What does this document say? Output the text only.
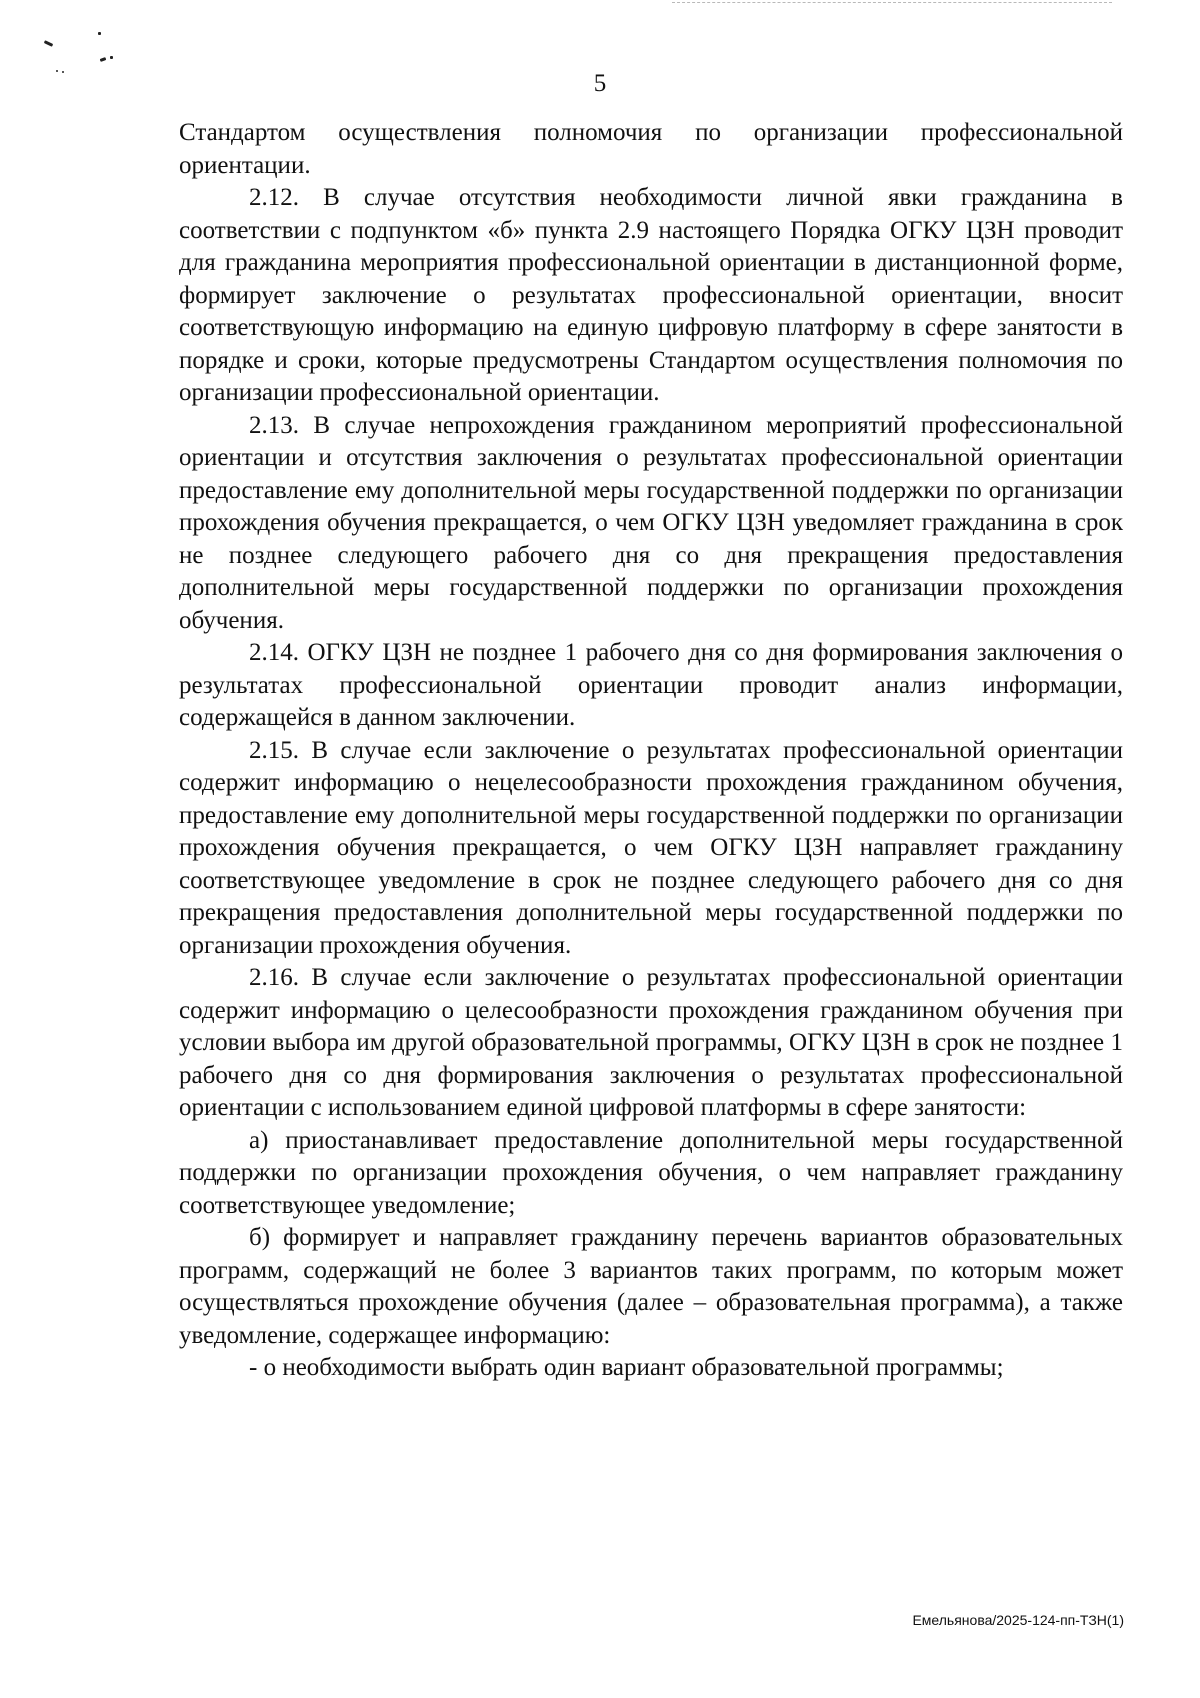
5

Стандартом осуществления полномочия по организации профессиональной ориентации.

2.12. В случае отсутствия необходимости личной явки гражданина в соответствии с подпунктом «б» пункта 2.9 настоящего Порядка ОГКУ ЦЗН проводит для гражданина мероприятия профессиональной ориентации в дистанционной форме, формирует заключение о результатах профессиональной ориентации, вносит соответствующую информацию на единую цифровую платформу в сфере занятости в порядке и сроки, которые предусмотрены Стандартом осуществления полномочия по организации профессиональной ориентации.

2.13. В случае непрохождения гражданином мероприятий профессиональной ориентации и отсутствия заключения о результатах профессиональной ориентации предоставление ему дополнительной меры государственной поддержки по организации прохождения обучения прекращается, о чем ОГКУ ЦЗН уведомляет гражданина в срок не позднее следующего рабочего дня со дня прекращения предоставления дополнительной меры государственной поддержки по организации прохождения обучения.

2.14. ОГКУ ЦЗН не позднее 1 рабочего дня со дня формирования заключения о результатах профессиональной ориентации проводит анализ информации, содержащейся в данном заключении.

2.15. В случае если заключение о результатах профессиональной ориентации содержит информацию о нецелесообразности прохождения гражданином обучения, предоставление ему дополнительной меры государственной поддержки по организации прохождения обучения прекращается, о чем ОГКУ ЦЗН направляет гражданину соответствующее уведомление в срок не позднее следующего рабочего дня со дня прекращения предоставления дополнительной меры государственной поддержки по организации прохождения обучения.

2.16. В случае если заключение о результатах профессиональной ориентации содержит информацию о целесообразности прохождения гражданином обучения при условии выбора им другой образовательной программы, ОГКУ ЦЗН в срок не позднее 1 рабочего дня со дня формирования заключения о результатах профессиональной ориентации с использованием единой цифровой платформы в сфере занятости:

а) приостанавливает предоставление дополнительной меры государственной поддержки по организации прохождения обучения, о чем направляет гражданину соответствующее уведомление;

б) формирует и направляет гражданину перечень вариантов образовательных программ, содержащий не более 3 вариантов таких программ, по которым может осуществляться прохождение обучения (далее – образовательная программа), а также уведомление, содержащее информацию:

- о необходимости выбрать один вариант образовательной программы;

Емельянова/2025-124-пп-ТЗН(1)
